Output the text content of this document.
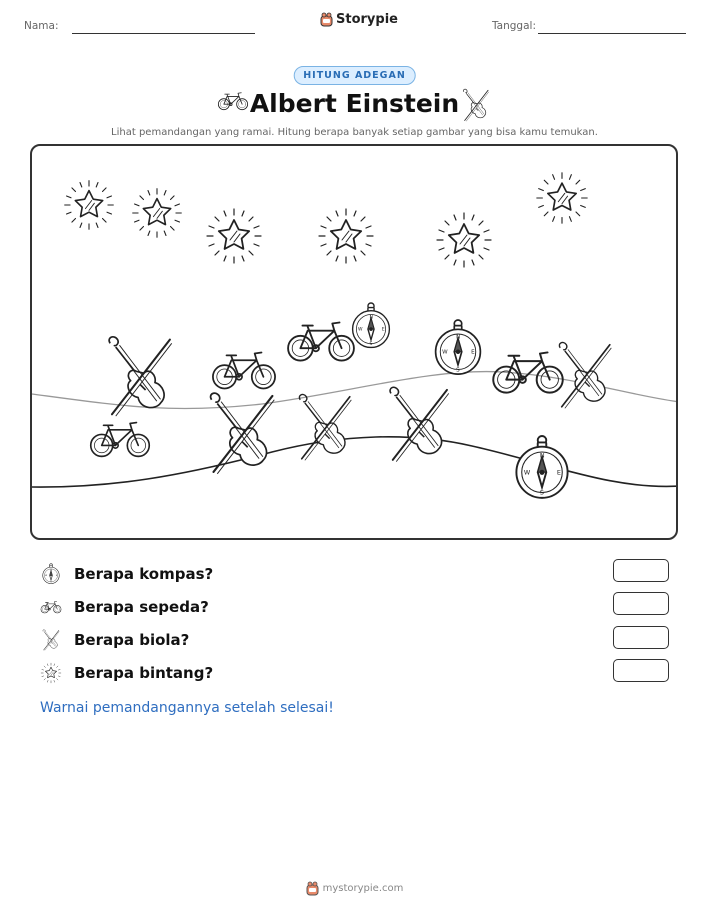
Nama:	Storypie	Tanggal:
HITUNG ADEGAN
Albert Einstein
Lihat pemandangan yang ramai. Hitung berapa banyak setiap gambar yang bisa kamu temukan.
Berapa kompas?
Berapa sepeda?
Berapa biola?
Berapa bintang?
Warnai pemandangannya setelah selesai!
mystorypie.com
